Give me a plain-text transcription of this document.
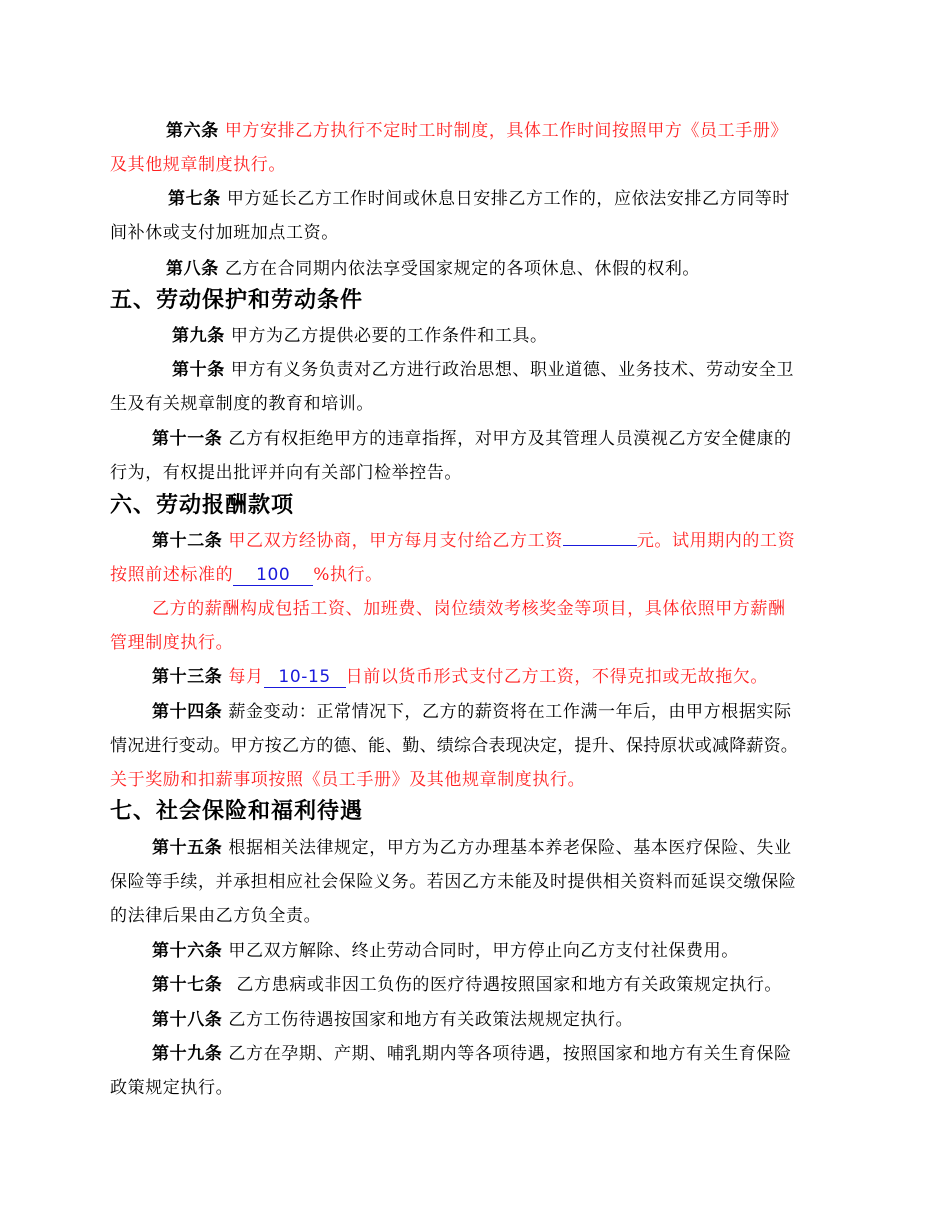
第六条 甲方安排乙方执行不定时工时制度，具体工作时间按照甲方《员工手册》
及其他规章制度执行。
第七条 甲方延长乙方工作时间或休息日安排乙方工作的，应依法安排乙方同等时
间补休或支付加班加点工资。
第八条 乙方在合同期内依法享受国家规定的各项休息、休假的权利。
五、劳动保护和劳动条件
第九条 甲方为乙方提供必要的工作条件和工具。
第十条 甲方有义务负责对乙方进行政治思想、职业道德、业务技术、劳动安全卫
生及有关规章制度的教育和培训。
第十一条 乙方有权拒绝甲方的违章指挥，对甲方及其管理人员漠视乙方安全健康的
行为，有权提出批评并向有关部门检举控告。
六、劳动报酬款项
第十二条 甲乙双方经协商，甲方每月支付给乙方工资	元。试用期内的工资
按照前述标准的 100 %执行。
乙方的薪酬构成包括工资、加班费、岗位绩效考核奖金等项目，具体依照甲方薪酬
管理制度执行。
第十三条 每月 10-15 日前以货币形式支付乙方工资，不得克扣或无故拖欠。
第十四条 薪金变动：正常情况下，乙方的薪资将在工作满一年后，由甲方根据实际
情况进行变动。甲方按乙方的德、能、勤、绩综合表现决定，提升、保持原状或减降薪资。
关于奖励和扣薪事项按照《员工手册》及其他规章制度执行。
七、社会保险和福利待遇
第十五条 根据相关法律规定，甲方为乙方办理基本养老保险、基本医疗保险、失业
保险等手续，并承担相应社会保险义务。若因乙方未能及时提供相关资料而延误交缴保险
的法律后果由乙方负全责。
第十六条 甲乙双方解除、终止劳动合同时，甲方停止向乙方支付社保费用。
第十七条 乙方患病或非因工负伤的医疗待遇按照国家和地方有关政策规定执行。
第十八条 乙方工伤待遇按国家和地方有关政策法规规定执行。
第十九条 乙方在孕期、产期、哺乳期内等各项待遇，按照国家和地方有关生育保险
政策规定执行。
